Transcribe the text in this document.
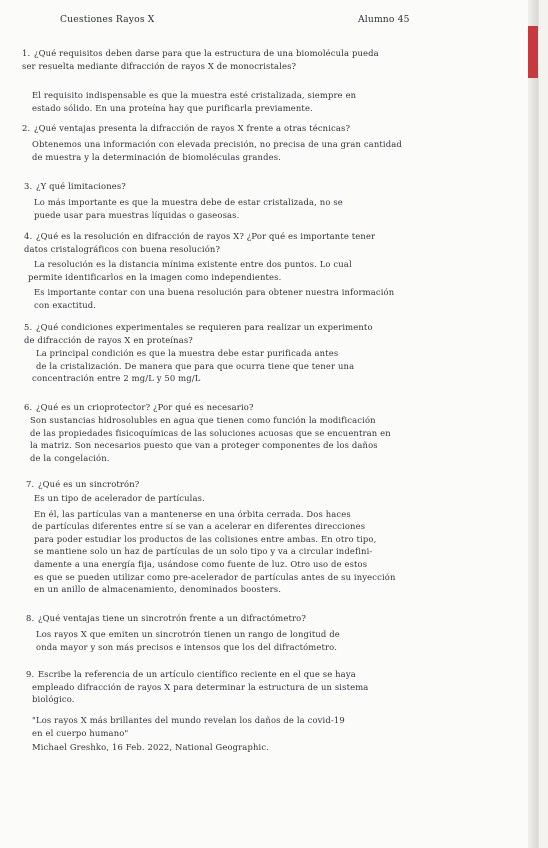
Cuestiones Rayos X	Alumno 45
1. ¿Qué requisitos deben darse para que la estructura de una biomolécula pueda
ser resuelta mediante difracción de rayos X de monocristales?
El requisito indispensable es que la muestra esté cristalizada, siempre en
estado sólido. En una proteína hay que purificarla previamente.
2. ¿Qué ventajas presenta la difracción de rayos X frente a otras técnicas?
Obtenemos una información con elevada precisión, no precisa de una gran cantidad
de muestra y la determinación de biomoléculas grandes.
3. ¿Y qué limitaciones?
Lo más importante es que la muestra debe de estar cristalizada, no se
puede usar para muestras líquidas o gaseosas.
4. ¿Qué es la resolución en difracción de rayos X? ¿Por qué es importante tener
datos cristalográficos con buena resolución?
La resolución es la distancia mínima existente entre dos puntos. Lo cual
permite identificarlos en la imagen como independientes.
Es importante contar con una buena resolución para obtener nuestra información
con exactitud.
5. ¿Qué condiciones experimentales se requieren para realizar un experimento
de difracción de rayos X en proteínas?
La principal condición es que la muestra debe estar purificada antes
de la cristalización. De manera que para que ocurra tiene que tener una
concentración entre 2 mg/L y 50 mg/L
6. ¿Qué es un crioprotector? ¿Por qué es necesario?
Son sustancias hidrosolubles en agua que tienen como función la modificación
de las propiedades fisicoquímicas de las soluciones acuosas que se encuentran en
la matriz. Son necesarios puesto que van a proteger componentes de los daños
de la congelación.
7. ¿Qué es un sincrotrón?
Es un tipo de acelerador de partículas.
En él, las partículas van a mantenerse en una órbita cerrada. Dos haces
de partículas diferentes entre sí se van a acelerar en diferentes direcciones
para poder estudiar los productos de las colisiones entre ambas. En otro tipo,
se mantiene solo un haz de partículas de un solo tipo y va a circular indefini-
damente a una energía fija, usándose como fuente de luz. Otro uso de estos
es que se pueden utilizar como pre-acelerador de partículas antes de su inyección
en un anillo de almacenamiento, denominados boosters.
8. ¿Qué ventajas tiene un sincrotrón frente a un difractómetro?
Los rayos X que emiten un sincrotrón tienen un rango de longitud de
onda mayor y son más precisos e intensos que los del difractómetro.
9. Escribe la referencia de un artículo científico reciente en el que se haya
empleado difracción de rayos X para determinar la estructura de un sistema
biológico.
"Los rayos X más brillantes del mundo revelan los daños de la covid-19
en el cuerpo humano"
Michael Greshko, 16 Feb. 2022, National Geographic.
